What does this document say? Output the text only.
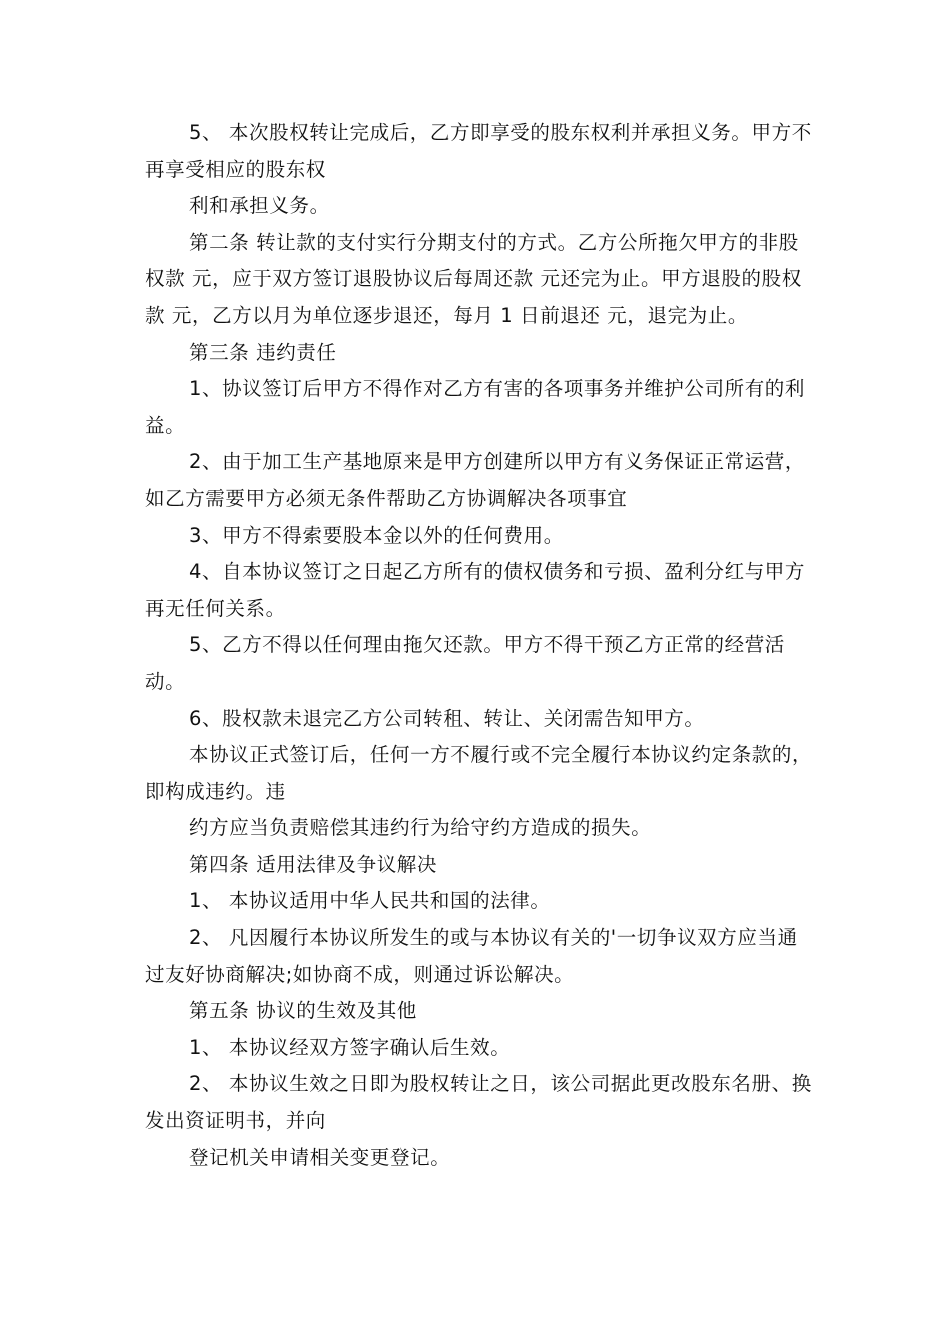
5、 本次股权转让完成后，乙方即享受的股东权利并承担义务。甲方不再享受相应的股东权

利和承担义务。

第二条 转让款的支付实行分期支付的方式。乙方公所拖欠甲方的非股权款 元，应于双方签订退股协议后每周还款 元还完为止。甲方退股的股权款 元，乙方以月为单位逐步退还，每月 1 日前退还 元，退完为止。

第三条 违约责任

1、协议签订后甲方不得作对乙方有害的各项事务并维护公司所有的利益。

2、由于加工生产基地原来是甲方创建所以甲方有义务保证正常运营，如乙方需要甲方必须无条件帮助乙方协调解决各项事宜

3、甲方不得索要股本金以外的任何费用。

4、自本协议签订之日起乙方所有的债权债务和亏损、盈利分红与甲方再无任何关系。

5、乙方不得以任何理由拖欠还款。甲方不得干预乙方正常的经营活动。

6、股权款未退完乙方公司转租、转让、关闭需告知甲方。

本协议正式签订后，任何一方不履行或不完全履行本协议约定条款的，即构成违约。违

约方应当负责赔偿其违约行为给守约方造成的损失。

第四条 适用法律及争议解决

1、 本协议适用中华人民共和国的法律。

2、 凡因履行本协议所发生的或与本协议有关的'一切争议双方应当通过友好协商解决;如协商不成，则通过诉讼解决。

第五条 协议的生效及其他

1、 本协议经双方签字确认后生效。

2、 本协议生效之日即为股权转让之日，该公司据此更改股东名册、换发出资证明书，并向

登记机关申请相关变更登记。
